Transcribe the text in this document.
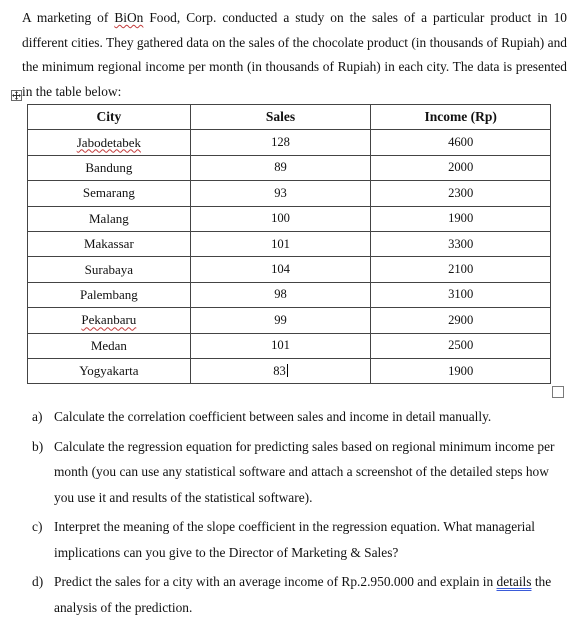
A marketing of BiOn Food, Corp. conducted a study on the sales of a particular product in 10 different cities. They gathered data on the sales of the chocolate product (in thousands of Rupiah) and the minimum regional income per month (in thousands of Rupiah) in each city. The data is presented in the table below:

City	Sales	Income (Rp)
Jabodetabek	128	4600
Bandung	89	2000
Semarang	93	2300
Malang	100	1900
Makassar	101	3300
Surabaya	104	2100
Palembang	98	3100
Pekanbaru	99	2900
Medan	101	2500
Yogyakarta	83	1900
a) Calculate the correlation coefficient between sales and income in detail manually.
b) Calculate the regression equation for predicting sales based on regional minimum income per month (you can use any statistical software and attach a screenshot of the detailed steps how you use it and results of the statistical software).
c) Interpret the meaning of the slope coefficient in the regression equation. What managerial implications can you give to the Director of Marketing & Sales?
d) Predict the sales for a city with an average income of Rp.2.950.000 and explain in details the analysis of the prediction.
